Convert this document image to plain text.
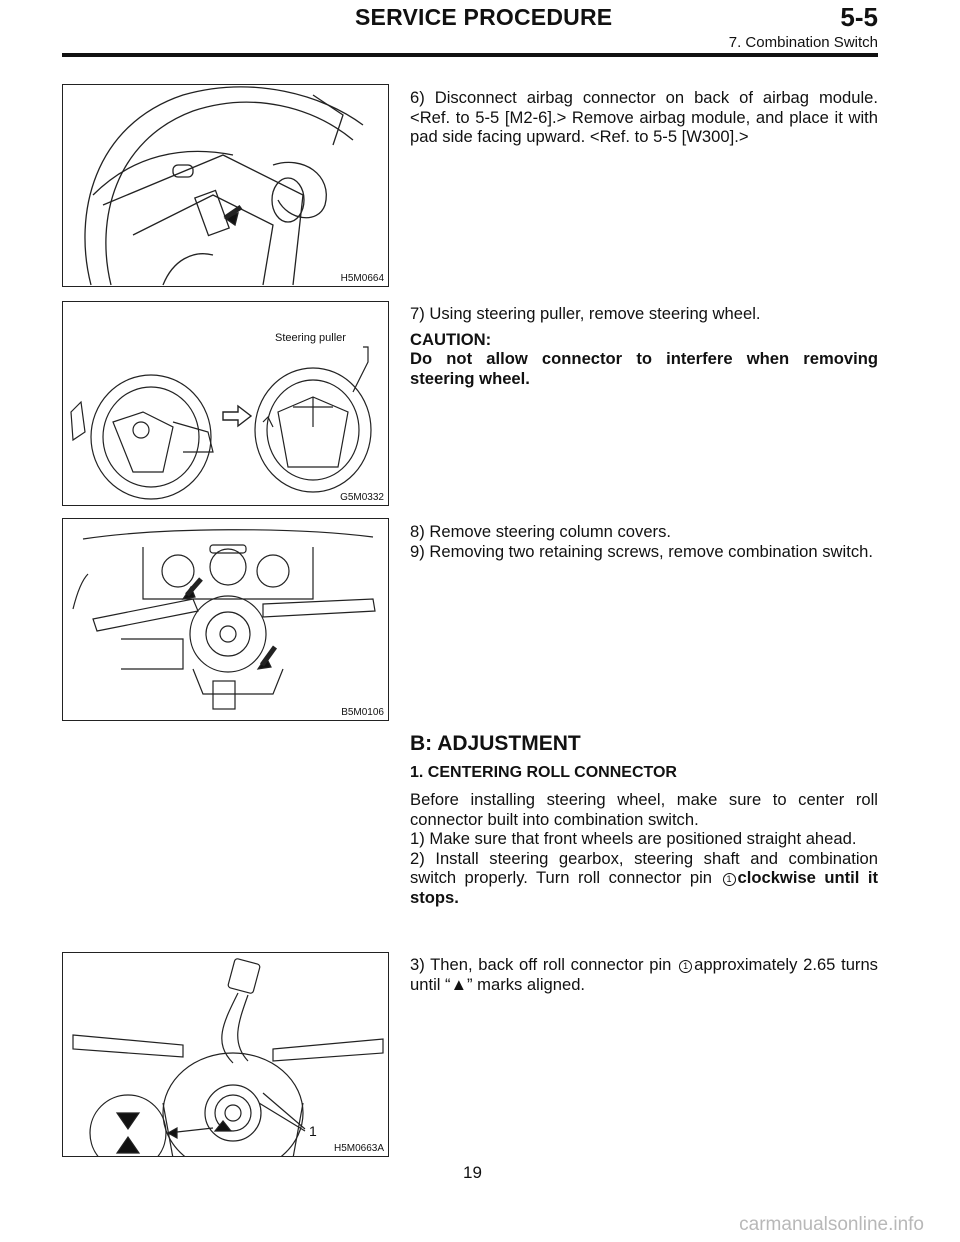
SERVICE PROCEDURE	5-5
7. Combination Switch
H5M0664

6) Disconnect airbag connector on back of airbag module. <Ref. to 5-5 [M2-6].> Remove airbag module, and place it with pad side facing upward. <Ref. to 5-5 [W300].>

Steering puller
G5M0332

7) Using steering puller, remove steering wheel.

CAUTION:

Do not allow connector to interfere when removing steering wheel.

B5M0106

8) Remove steering column covers.

9) Removing two retaining screws, remove combination switch.

B: ADJUSTMENT
1. CENTERING ROLL CONNECTOR

Before installing steering wheel, make sure to center roll connector built into combination switch.

1) Make sure that front wheels are positioned straight ahead.

2) Install steering gearbox, steering shaft and combination switch properly. Turn roll connector pin 1 clockwise until it stops.

1
H5M0663A

3) Then, back off roll connector pin 1 approximately 2.65 turns until “▲” marks aligned.

19
carmanualsonline.info
